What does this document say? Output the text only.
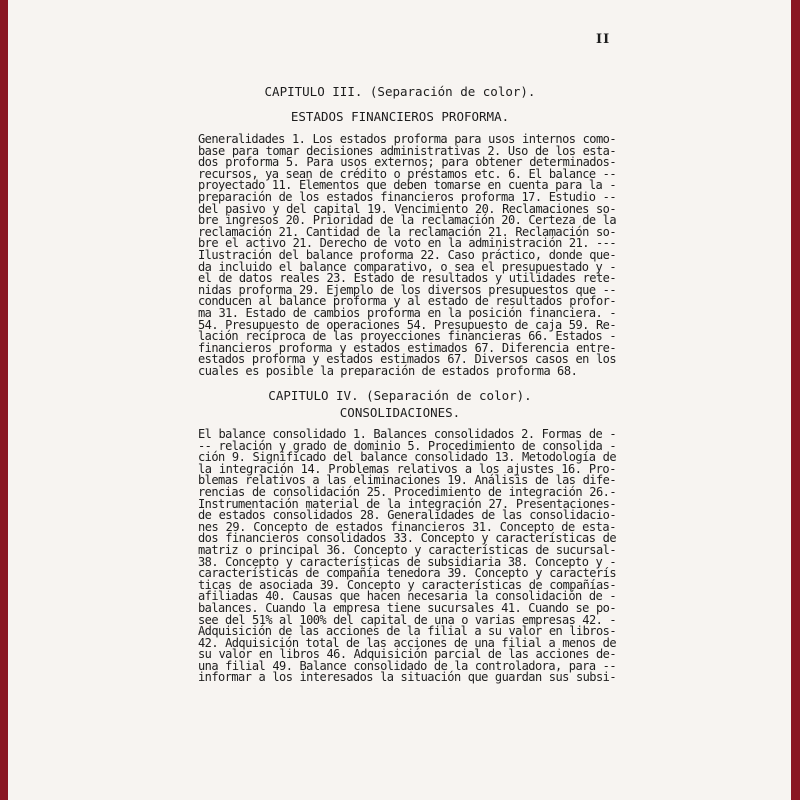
II
CAPITULO III. (Separación de color).
ESTADOS FINANCIEROS PROFORMA.
Generalidades 1. Los estados proforma para usos internos como-
base para tomar decisiones administrativas 2. Uso de los esta-
dos proforma 5. Para usos externos; para obtener determinados-
recursos, ya sean de crédito o préstamos etc. 6. El balance --
proyectado 11. Elementos que deben tomarse en cuenta para la -
preparación de los estados financieros proforma 17. Estudio --
del pasivo y del capital 19. Vencimiento 20. Reclamaciones so-
bre ingresos 20. Prioridad de la reclamación 20. Certeza de la
reclamación 21. Cantidad de la reclamación 21. Reclamación so-
bre el activo 21. Derecho de voto en la administración 21. ---
Ilustración del balance proforma 22. Caso práctico, donde que-
da incluido el balance comparativo, o sea el presupuestado y -
el de datos reales 23. Estado de resultados y utilidades rete-
nidas proforma 29. Ejemplo de los diversos presupuestos que --
conducen al balance proforma y al estado de resultados profor-
ma 31. Estado de cambios proforma en la posición financiera. -
54. Presupuesto de operaciones 54. Presupuesto de caja 59. Re-
lación recíproca de las proyecciones financieras 66. Estados -
financieros proforma y estados estimados 67. Diferencia entre-
estados proforma y estados estimados 67. Diversos casos en los
cuales es posible la preparación de estados proforma 68.
CAPITULO IV. (Separación de color).
CONSOLIDACIONES.
El balance consolidado 1. Balances consolidados 2. Formas de -
-- relación y grado de dominio 5. Procedimiento de consolida -
ción 9. Significado del balance consolidado 13. Metodología de
la integración 14. Problemas relativos a los ajustes 16. Pro-
blemas relativos a las eliminaciones 19. Análisis de las dife-
rencias de consolidación 25. Procedimiento de integración 26.-
Instrumentación material de la integración 27. Presentaciones-
de estados consolidados 28. Generalidades de las consolidacio-
nes 29. Concepto de estados financieros 31. Concepto de esta-
dos financieros consolidados 33. Concepto y características de
matriz o principal 36. Concepto y características de sucursal-
38. Concepto y características de subsidiaria 38. Concepto y -
características de compañía tenedora 39. Concepto y caracterís
ticas de asociada 39. Concepto y características de compañías-
afiliadas 40. Causas que hacen necesaria la consolidación de -
balances. Cuando la empresa tiene sucursales 41. Cuando se po-
see del 51% al 100% del capital de una o varias empresas 42. -
Adquisición de las acciones de la filial a su valor en libros-
42. Adquisición total de las acciones de una filial a menos de
su valor en libros 46. Adquisición parcial de las acciones de-
una filial 49. Balance consolidado de la controladora, para --
informar a los interesados la situación que guardan sus subsi-
